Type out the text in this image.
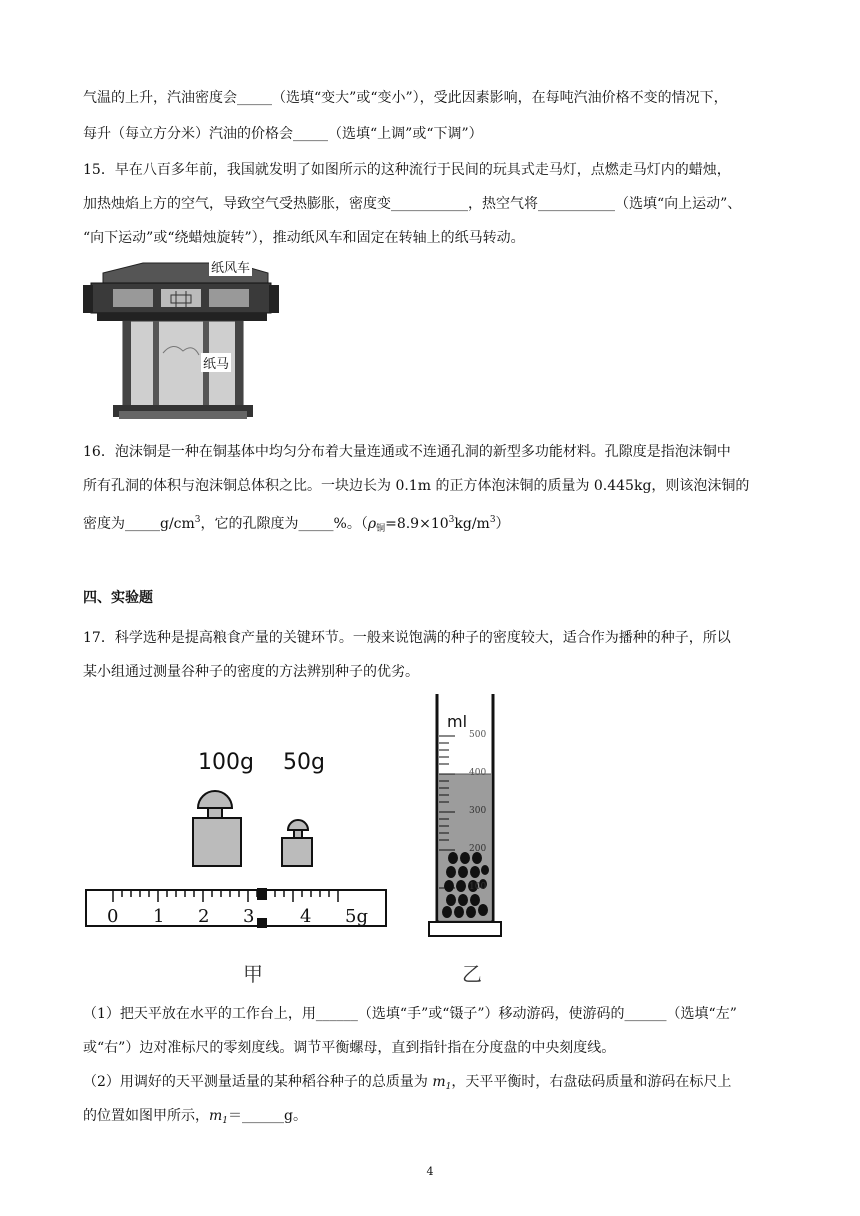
气温的上升，汽油密度会_____（选填“变大”或“变小”），受此因素影响，在每吨汽油价格不变的情况下，
每升（每立方分米）汽油的价格会_____（选填“上调”或“下调”）
15．早在八百多年前，我国就发明了如图所示的这种流行于民间的玩具式走马灯，点燃走马灯内的蜡烛，
加热烛焰上方的空气，导致空气受热膨胀，密度变___________，热空气将___________（选填“向上运动”、
“向下运动”或“绕蜡烛旋转”），推动纸风车和固定在转轴上的纸马转动。
纸风车
纸马
16．泡沫铜是一种在铜基体中均匀分布着大量连通或不连通孔洞的新型多功能材料。孔隙度是指泡沫铜中
所有孔洞的体积与泡沫铜总体积之比。一块边长为 0.1m 的正方体泡沫铜的质量为 0.445kg，则该泡沫铜的
密度为$\_\_\_\_\_g/cm^3$，它的孔隙度为_____%。$(\rho_铜=8.9\times 10^3kg/m^3)$
四、实验题
17．科学选种是提高粮食产量的关键环节。一般来说饱满的种子的密度较大，适合作为播种的种子，所以
某小组通过测量谷种子的密度的方法辨别种子的优劣。
100g 50g
0 1 2 3	4 5g
甲
ml
500
400
300
200
100
乙
（1）把天平放在水平的工作台上，用______（选填“手”或“镊子”）移动游码，使游码的______（选填“左”
或“右”）边对准标尺的零刻度线。调节平衡螺母，直到指针指在分度盘的中央刻度线。
（2）用调好的天平测量适量的某种稻谷种子的总质量为 $m_1$，天平平衡时，右盘砝码质量和游码在标尺上
的位置如图甲所示，$m_1=\_\_\_\_\_\_g$。
4
